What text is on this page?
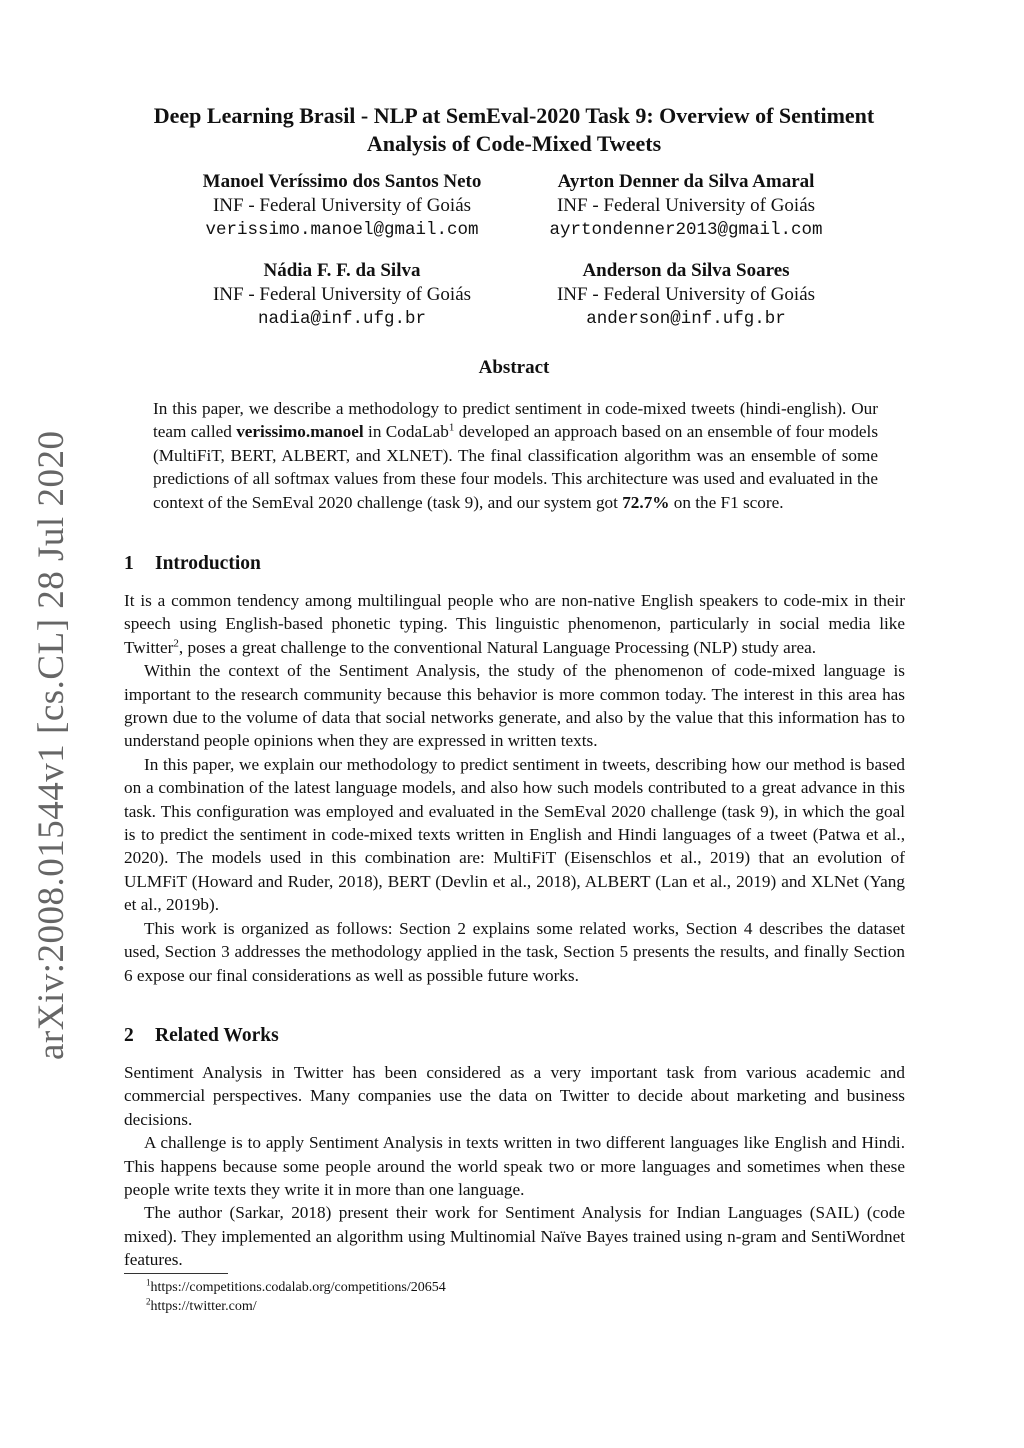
arXiv:2008.01544v1 [cs.CL] 28 Jul 2020
Deep Learning Brasil - NLP at SemEval-2020 Task 9: Overview of Sentiment Analysis of Code-Mixed Tweets
Manoel Veríssimo dos Santos Neto
INF - Federal University of Goiás
verissimo.manoel@gmail.com
Ayrton Denner da Silva Amaral
INF - Federal University of Goiás
ayrtondenner2013@gmail.com
Nádia F. F. da Silva
INF - Federal University of Goiás
nadia@inf.ufg.br
Anderson da Silva Soares
INF - Federal University of Goiás
anderson@inf.ufg.br
Abstract
In this paper, we describe a methodology to predict sentiment in code-mixed tweets (hindi-english). Our team called verissimo.manoel in CodaLab$^1$ developed an approach based on an ensemble of four models (MultiFiT, BERT, ALBERT, and XLNET). The final classification algorithm was an ensemble of some predictions of all softmax values from these four models. This architecture was used and evaluated in the context of the SemEval 2020 challenge (task 9), and our system got 72.7% on the F1 score.
1 Introduction

It is a common tendency among multilingual people who are non-native English speakers to code-mix in their speech using English-based phonetic typing. This linguistic phenomenon, particularly in social media like Twitter$^2$, poses a great challenge to the conventional Natural Language Processing (NLP) study area.

Within the context of the Sentiment Analysis, the study of the phenomenon of code-mixed language is important to the research community because this behavior is more common today. The interest in this area has grown due to the volume of data that social networks generate, and also by the value that this information has to understand people opinions when they are expressed in written texts.

In this paper, we explain our methodology to predict sentiment in tweets, describing how our method is based on a combination of the latest language models, and also how such models contributed to a great advance in this task. This configuration was employed and evaluated in the SemEval 2020 challenge (task 9), in which the goal is to predict the sentiment in code-mixed texts written in English and Hindi languages of a tweet (Patwa et al., 2020). The models used in this combination are: MultiFiT (Eisenschlos et al., 2019) that an evolution of ULMFiT (Howard and Ruder, 2018), BERT (Devlin et al., 2018), ALBERT (Lan et al., 2019) and XLNet (Yang et al., 2019b).

This work is organized as follows: Section 2 explains some related works, Section 4 describes the dataset used, Section 3 addresses the methodology applied in the task, Section 5 presents the results, and finally Section 6 expose our final considerations as well as possible future works.

2 Related Works

Sentiment Analysis in Twitter has been considered as a very important task from various academic and commercial perspectives. Many companies use the data on Twitter to decide about marketing and business decisions.

A challenge is to apply Sentiment Analysis in texts written in two different languages like English and Hindi. This happens because some people around the world speak two or more languages and sometimes when these people write texts they write it in more than one language.

The author (Sarkar, 2018) present their work for Sentiment Analysis for Indian Languages (SAIL) (code mixed). They implemented an algorithm using Multinomial Naïve Bayes trained using n-gram and SentiWordnet features.

$^1$https://competitions.codalab.org/competitions/20654
$^2$https://twitter.com/
